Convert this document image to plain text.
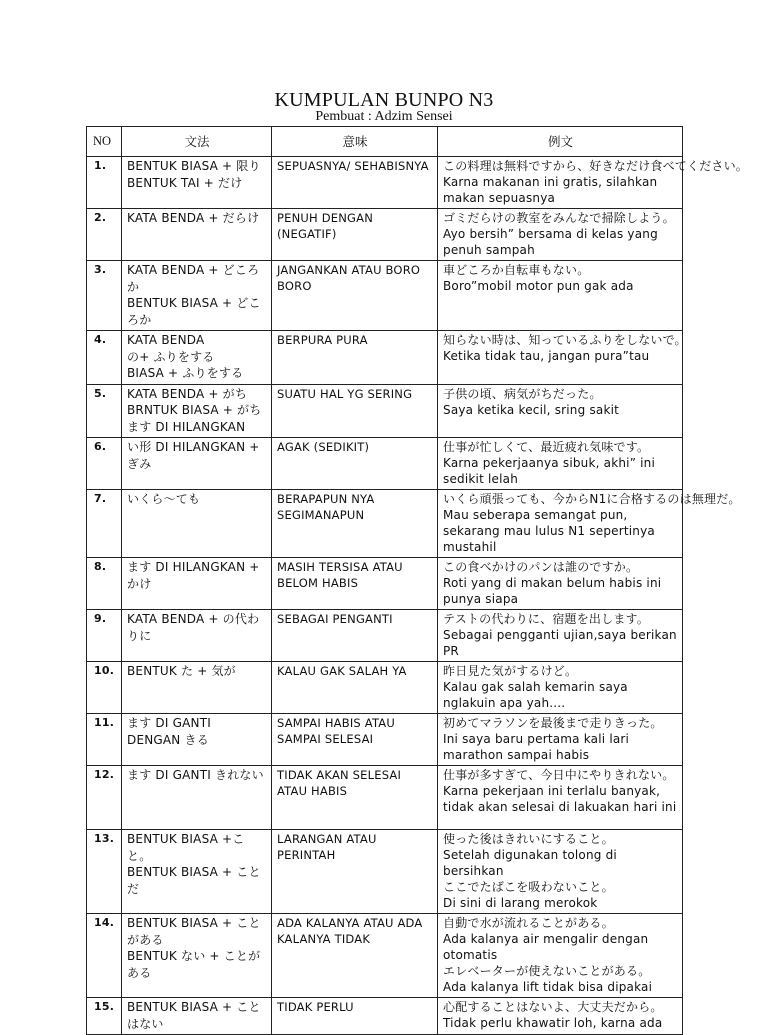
KUMPULAN BUNPO N3
Pembuat : Adzim Sensei
NO	文法	意味	例文
1.	BENTUK BIASA + 限り
BENTUK TAI + だけ	SEPUASNYA/ SEHABISNYA	この料理は無料ですから、好きなだけ食べてください。
Karna makanan ini gratis, silahkan makan sepuasnya

2.	KATA BENDA + だらけ	PENUH DENGAN (NEGATIF)	ゴミだらけの教室をみんなで掃除しよう。
Ayo bersih” bersama di kelas yang penuh sampah

3.	KATA BENDA + どころか
BENTUK BIASA + どころか	JANGANKAN ATAU BORO BORO	車どころか自転車もない。
Boro”mobil motor pun gak ada

4.	KATA BENDA
の+ ふりをする
BIASA + ふりをする	BERPURA PURA	知らない時は、知っているふりをしないで。
Ketika tidak tau, jangan pura”tau

5.	KATA BENDA + がち
BRNTUK BIASA + がち
ます DI HILANGKAN	SUATU HAL YG SERING	子供の頃、病気がちだった。
Saya ketika kecil, sring sakit

6.	い形 DI HILANGKAN + ぎみ	AGAK (SEDIKIT)	仕事が忙しくて、最近疲れ気味です。
Karna pekerjaanya sibuk, akhi” ini sedikit lelah

7.	いくら〜ても	BERAPAPUN NYA SEGIMANAPUN	いくら頑張っても、今からN1に合格するのは無理だ。
Mau seberapa semangat pun, sekarang mau lulus N1 sepertinya mustahil

8.	ます DI HILANGKAN + かけ	MASIH TERSISA ATAU BELOM HABIS	この食べかけのパンは誰のですか。
Roti yang di makan belum habis ini punya siapa

9.	KATA BENDA + の代わりに	SEBAGAI PENGANTI	テストの代わりに、宿題を出します。
Sebagai pengganti ujian,saya berikan PR

10.	BENTUK た + 気が	KALAU GAK SALAH YA	昨日見た気がするけど。
Kalau gak salah kemarin saya nglakuin apa yah....

11.	ます DI GANTI DENGAN きる	SAMPAI HABIS ATAU SAMPAI SELESAI	初めてマラソンを最後まで走りきった。
Ini saya baru pertama kali lari marathon sampai habis

12.	ます DI GANTI きれない	TIDAK AKAN SELESAI ATAU HABIS	仕事が多すぎて、今日中にやりきれない。
Karna pekerjaan ini terlalu banyak, tidak akan selesai di lakuakan hari ini

13.	BENTUK BIASA +こと。
BENTUK BIASA + ことだ	LARANGAN ATAU PERINTAH	使った後はきれいにすること。
Setelah digunakan tolong di bersihkan
ここでたばこを吸わないこと。
Di sini di larang merokok

14.	BENTUK BIASA + ことがある
BENTUK ない + ことがある	ADA KALANYA ATAU ADA KALANYA TIDAK	自動で水が流れることがある。
Ada kalanya air mengalir dengan otomatis
エレベーターが使えないことがある。
Ada kalanya lift tidak bisa dipakai

15.	BENTUK BIASA + ことはない	TIDAK PERLU	心配することはないよ、大丈夫だから。
Tidak perlu khawatir loh, karna ada
